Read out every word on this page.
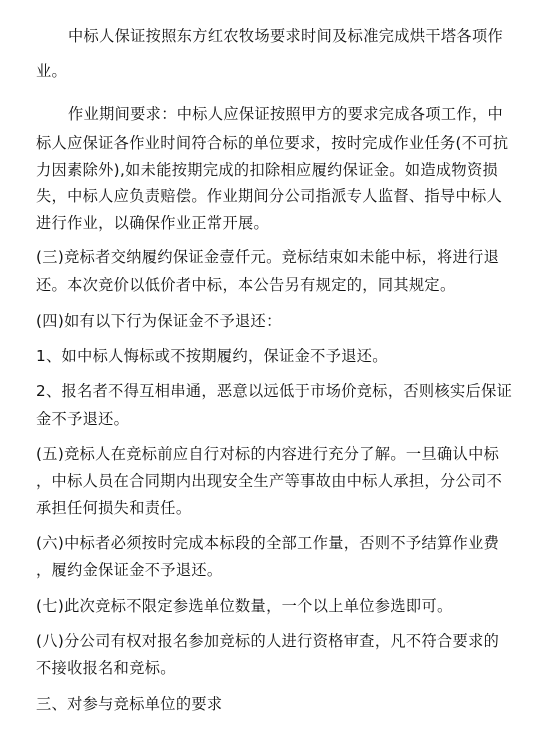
中标人保证按照东方红农牧场要求时间及标准完成烘干塔各项作
业。
作业期间要求：中标人应保证按照甲方的要求完成各项工作，中
标人应保证各作业时间符合标的单位要求，按时完成作业任务(不可抗
力因素除外),如未能按期完成的扣除相应履约保证金。如造成物资损
失，中标人应负责赔偿。作业期间分公司指派专人监督、指导中标人
进行作业，以确保作业正常开展。
(三)竞标者交纳履约保证金壹仟元。竞标结束如未能中标，将进行退
还。本次竞价以低价者中标，本公告另有规定的，同其规定。
(四)如有以下行为保证金不予退还：
1、如中标人悔标或不按期履约，保证金不予退还。
2、报名者不得互相串通，恶意以远低于市场价竞标，否则核实后保证
金不予退还。
(五)竞标人在竞标前应自行对标的内容进行充分了解。一旦确认中标
，中标人员在合同期内出现安全生产等事故由中标人承担，分公司不
承担任何损失和责任。
(六)中标者必须按时完成本标段的全部工作量，否则不予结算作业费
，履约金保证金不予退还。
(七)此次竞标不限定参选单位数量，一个以上单位参选即可。
(八)分公司有权对报名参加竞标的人进行资格审查，凡不符合要求的
不接收报名和竞标。
三、对参与竞标单位的要求
